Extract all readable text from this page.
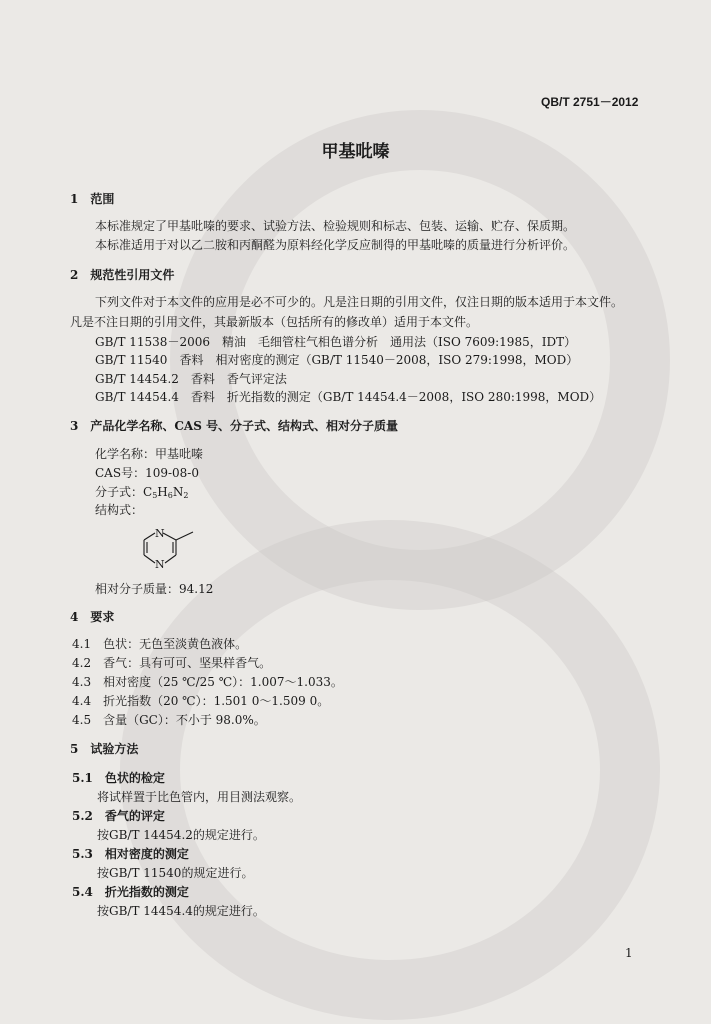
QB/T 2751－2012
甲基吡嗪
1　范围
本标准规定了甲基吡嗪的要求、试验方法、检验规则和标志、包装、运输、贮存、保质期。
本标准适用于对以乙二胺和丙酮醛为原料经化学反应制得的甲基吡嗪的质量进行分析评价。
2　规范性引用文件
下列文件对于本文件的应用是必不可少的。凡是注日期的引用文件，仅注日期的版本适用于本文件。
凡是不注日期的引用文件，其最新版本（包括所有的修改单）适用于本文件。
GB/T 11538－2006　精油　毛细管柱气相色谱分析　通用法（ISO 7609:1985，IDT）
GB/T 11540　香料　相对密度的测定（GB/T 11540－2008，ISO 279:1998，MOD）
GB/T 14454.2　香料　香气评定法
GB/T 14454.4　香料　折光指数的测定（GB/T 14454.4－2008，ISO 280:1998，MOD）
3　产品化学名称、CAS 号、分子式、结构式、相对分子质量
化学名称：甲基吡嗪
CAS号：109-08-0
分子式：$C_5H_6N_2$
结构式：
N
N
相对分子质量：94.12
4　要求
4.1　色状：无色至淡黄色液体。
4.2　香气：具有可可、坚果样香气。
4.3　相对密度（25 ℃/25 ℃）：1.007～1.033。
4.4　折光指数（20 ℃）：1.501 0～1.509 0。
4.5　含量（GC）：不小于 98.0%。
5　试验方法
5.1　色状的检定
将试样置于比色管内，用目测法观察。
5.2　香气的评定
按GB/T 14454.2的规定进行。
5.3　相对密度的测定
按GB/T 11540的规定进行。
5.4　折光指数的测定
按GB/T 14454.4的规定进行。
1
